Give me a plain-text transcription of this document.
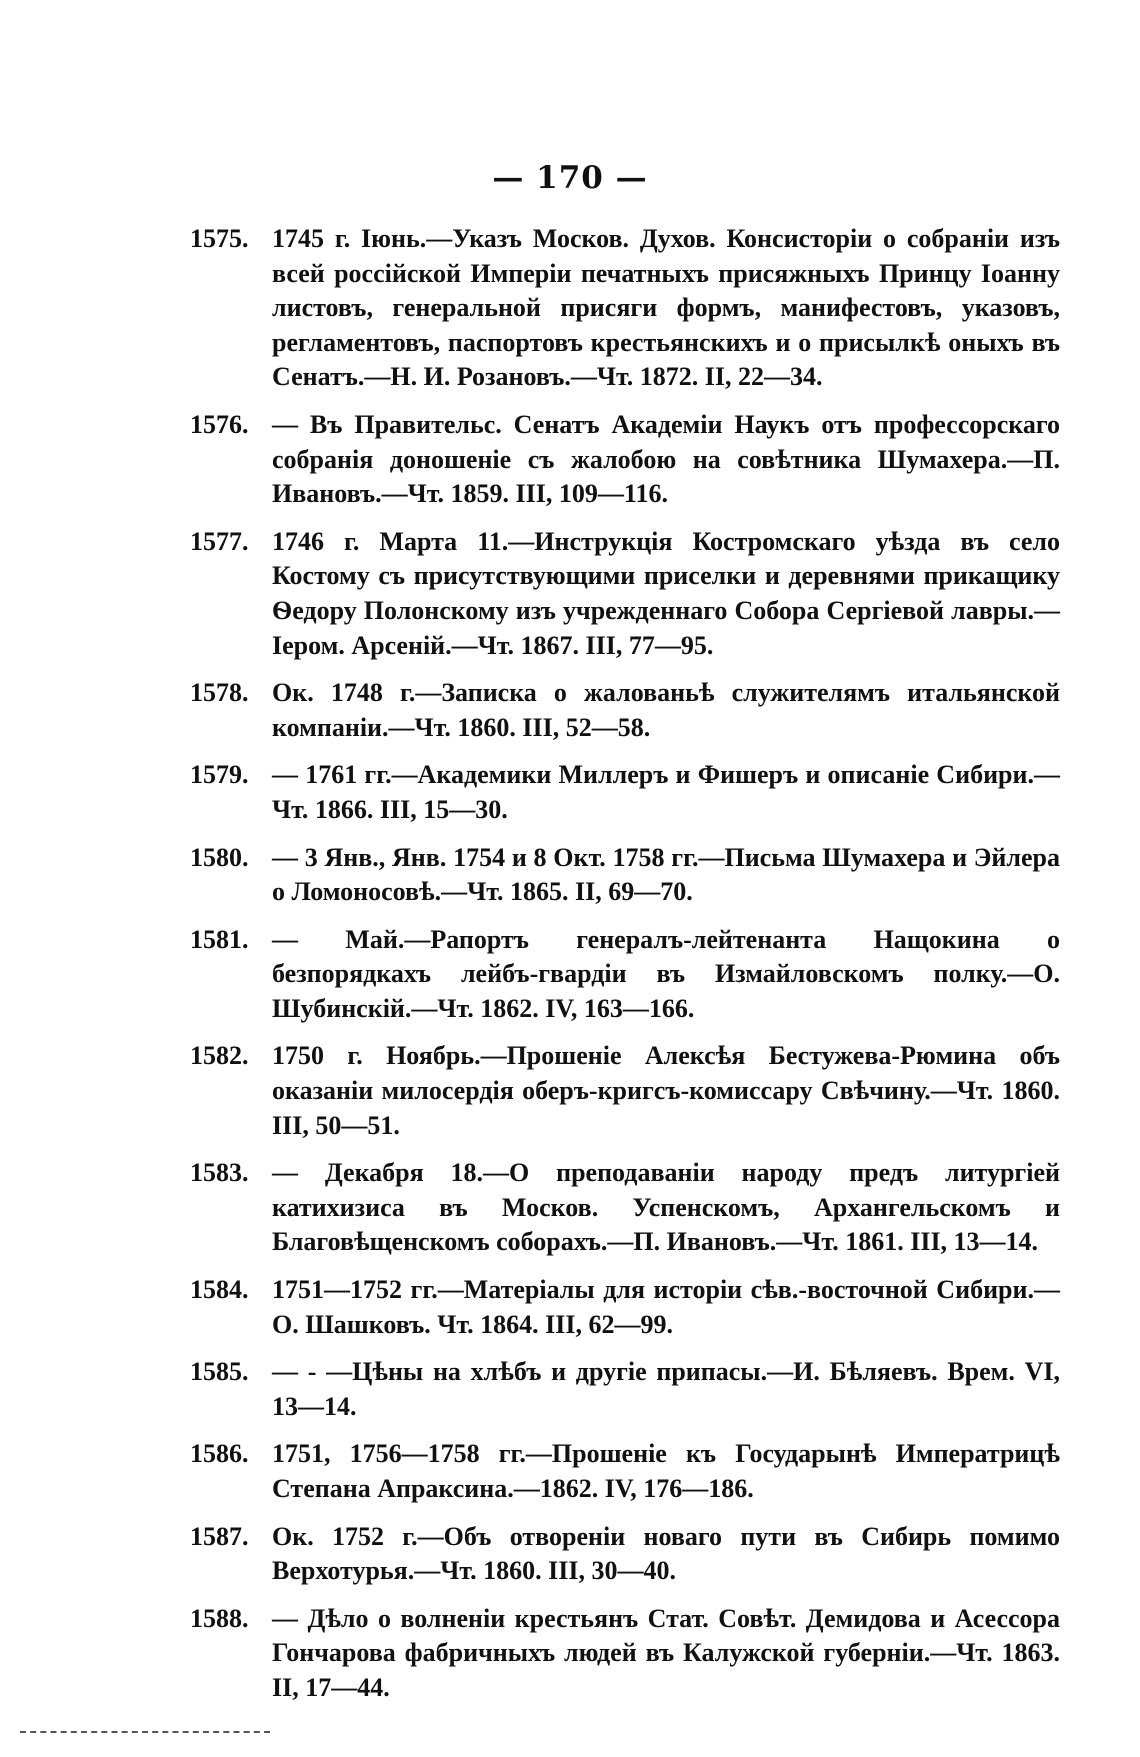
— 170 —
1575. 1745 г. Іюнь.—Указъ Москов. Духов. Консисторіи о собраніи изъ всей россійской Имперіи печатныхъ присяжныхъ Принцу Іоанну листовъ, генеральной присяги формъ, манифестовъ, указовъ, регламентовъ, паспортовъ крестьянскихъ и о присылкѣ оныхъ въ Сенатъ.—Н. И. Розановъ.—Чт. 1872. II, 22—34.
1576. — Въ Правительс. Сенатъ Академіи Наукъ отъ профессорскаго собранія доношеніе съ жалобою на совѣтника Шумахера.—П. Ивановъ.—Чт. 1859. III, 109—116.
1577. 1746 г. Марта 11.—Инструкція Костромскаго уѣзда въ село Костому съ присутствующими приселки и деревнями прикащику Ѳедору Полонскому изъ учрежденнаго Собора Сергіевой лавры.—Іером. Арсеній.—Чт. 1867. III, 77—95.
1578. Ок. 1748 г.—Записка о жалованьѣ служителямъ итальянской компаніи.—Чт. 1860. III, 52—58.
1579. — 1761 гг.—Академики Миллеръ и Фишеръ и описаніе Сибири.—Чт. 1866. III, 15—30.
1580. — 3 Янв., Янв. 1754 и 8 Окт. 1758 гг.—Письма Шумахера и Эйлера о Ломоносовѣ.—Чт. 1865. II, 69—70.
1581. — Май.—Рапортъ генералъ-лейтенанта Нащокина о безпорядкахъ лейбъ-гвардіи въ Измайловскомъ полку.—О. Шубинскій.—Чт. 1862. IV, 163—166.
1582. 1750 г. Ноябрь.—Прошеніе Алексѣя Бестужева-Рюмина объ оказаніи милосердія оберъ-кригсъ-комиссару Свѣчину.—Чт. 1860. III, 50—51.
1583. — Декабря 18.—О преподаваніи народу предъ литургіей катихизиса въ Москов. Успенскомъ, Архангельскомъ и Благовѣщенскомъ соборахъ.—П. Ивановъ.—Чт. 1861. III, 13—14.
1584. 1751—1752 гг.—Матеріалы для исторіи сѣв.-восточной Сибири.—О. Шашковъ. Чт. 1864. III, 62—99.
1585. — - —Цѣны на хлѣбъ и другіе припасы.—И. Бѣляевъ. Врем. VI, 13—14.
1586. 1751, 1756—1758 гг.—Прошеніе къ Государынѣ Императрицѣ Степана Апраксина.—1862. IV, 176—186.
1587. Ок. 1752 г.—Объ отвореніи новаго пути въ Сибирь помимо Верхотурья.—Чт. 1860. III, 30—40.
1588. — Дѣло о волненіи крестьянъ Стат. Совѣт. Демидова и Асессора Гончарова фабричныхъ людей въ Калужской губерніи.—Чт. 1863. II, 17—44.
